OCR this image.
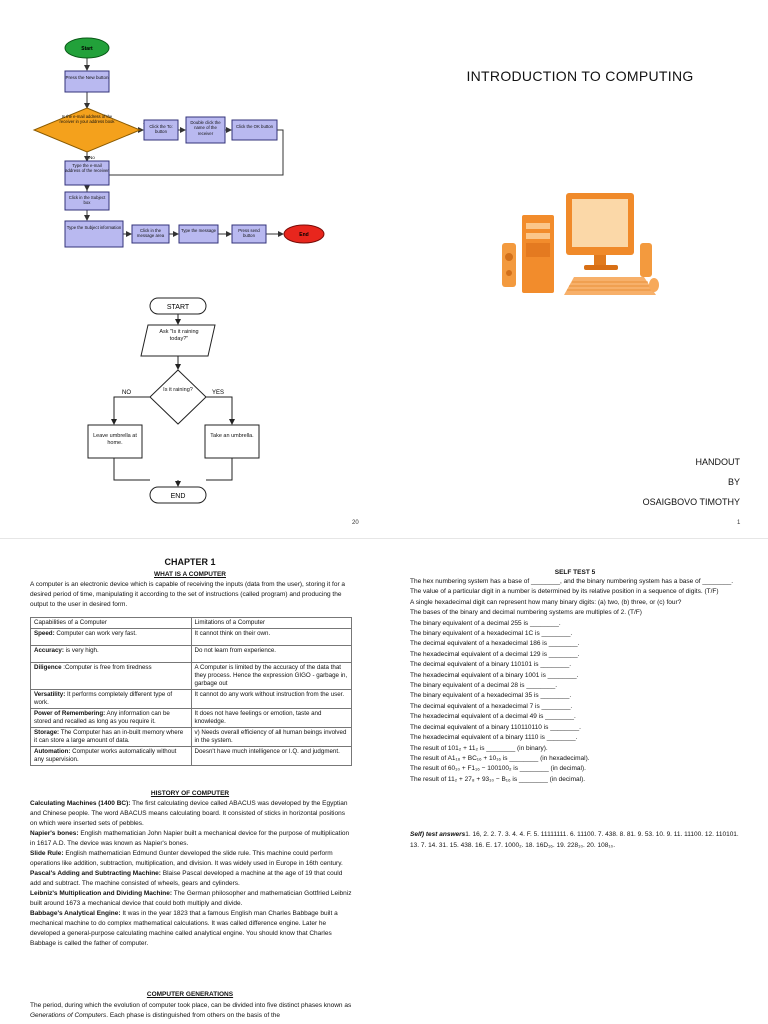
Start
Press the New button
Is the e-mail address of the receiver in your address book
No
Click the To: button
Double click the name of the receiver
Click the OK button
Type the e-mail address of the receiver
Click in the Subject box
Type the Subject information
Click in the message area
Type the message	Press send button	End
START
Ask "Is it raining today?"
Is it raining?
NO	YES
Leave umbrella at home.
Take an umbrella.
END
INTRODUCTION TO COMPUTING
HANDOUT
BY
OSAIGBOVO TIMOTHY
20	1
CHAPTER 1
WHAT IS A COMPUTER
A computer is an electronic device which is capable of receiving the inputs (data from the user), storing it for a desired period of time, manipulating it according to the set of instructions (called program) and producing the output to the user in desired form.
Capabilities of a Computer	Limitations of a Computer
Speed: Computer can work very fast.	It cannot think on their own.
Accuracy: is very high.	Do not learn from experience.
Diligence :Computer is free from tiredness	A Computer is limited by the accuracy of the data that they process. Hence the expression GIGO - garbage in, garbage out
Versatility: It performs completely different type of work.	It cannot do any work without instruction from the user.
Power of Remembering: Any information can be stored and recalled as long as you require it.	It does not have feelings or emotion, taste and knowledge.
Storage: The Computer has an in-built memory where it can store a large amount of data.	v) Needs overall efficiency of all human beings involved in the system.
Automation: Computer works automatically without any supervision.	Doesn't have much intelligence or I.Q. and judgment.
HISTORY OF COMPUTER
Calculating Machines (1400 BC): The first calculating device called ABACUS was developed by the Egyptian and Chinese people. The word ABACUS means calculating board. It consisted of sticks in horizontal positions on which were inserted sets of pebbles.
Napier's bones: English mathematician John Napier built a mechanical device for the purpose of multiplication in 1617 A.D. The device was known as Napier's bones.
Slide Rule: English mathematician Edmund Gunter developed the slide rule. This machine could perform operations like addition, subtraction, multiplication, and division. It was widely used in Europe in 16th century.
Pascal's Adding and Subtracting Machine: Blaise Pascal developed a machine at the age of 19 that could add and subtract. The machine consisted of wheels, gears and cylinders.
Leibniz's Multiplication and Dividing Machine: The German philosopher and mathematician Gottfried Leibniz built around 1673 a mechanical device that could both multiply and divide.
Babbage's Analytical Engine: It was in the year 1823 that a famous English man Charles Babbage built a mechanical machine to do complex mathematical calculations. It was called difference engine. Later he developed a general-purpose calculating machine called analytical engine. You should know that Charles Babbage is called the father of computer.
COMPUTER GENERATIONS
The period, during which the evolution of computer took place, can be divided into five distinct phases known as Generations of Computers. Each phase is distinguished from others on the basis of the
SELF TEST 5
The hex numbering system has a base of ________, and the binary numbering system has a base of ________.
The value of a particular digit in a number is determined by its relative position in a sequence of digits. (T/F)
A single hexadecimal digit can represent how many binary digits: (a) two, (b) three, or (c) four?
The bases of the binary and decimal numbering systems are multiples of 2. (T/F)
The binary equivalent of a decimal 255 is ________.
The binary equivalent of a hexadecimal 1C is ________.
The decimal equivalent of a hexadecimal 186 is ________.
The hexadecimal equivalent of a decimal 129 is ________.
The decimal equivalent of a binary 110101 is ________.
The hexadecimal equivalent of a binary 1001 is ________.
The binary equivalent of a decimal 28 is ________.
The binary equivalent of a hexadecimal 35 is ________.
The decimal equivalent of a hexadecimal 7 is ________.
The hexadecimal equivalent of a decimal 49 is ________.
The decimal equivalent of a binary 110110110 is ________.
The hexadecimal equivalent of a binary 1110 is ________.
The result of 101₂ + 11₂ is ________ (in binary).
The result of A1₁₆ + BC₁₆ + 10₁₆ is ________ (in hexadecimal).
The result of 60₁₀ + F1₁₆ − 100100₂ is ________ (in decimal).
The result of 11₂ + 27₈ + 93₁₀ − B₁₆ is ________ (in decimal).
Self) test answers1. 16, 2. 2. 7. 3. 4. 4. F. 5. 11111111. 6. 11100. 7. 438. 8. 81. 9. 53. 10. 9. 11. 11100. 12. 110101. 13. 7. 14. 31. 15. 438. 16. E. 17. 1000₂. 18. 16D₁₆. 19. 228₁₀. 20. 108₁₀.
